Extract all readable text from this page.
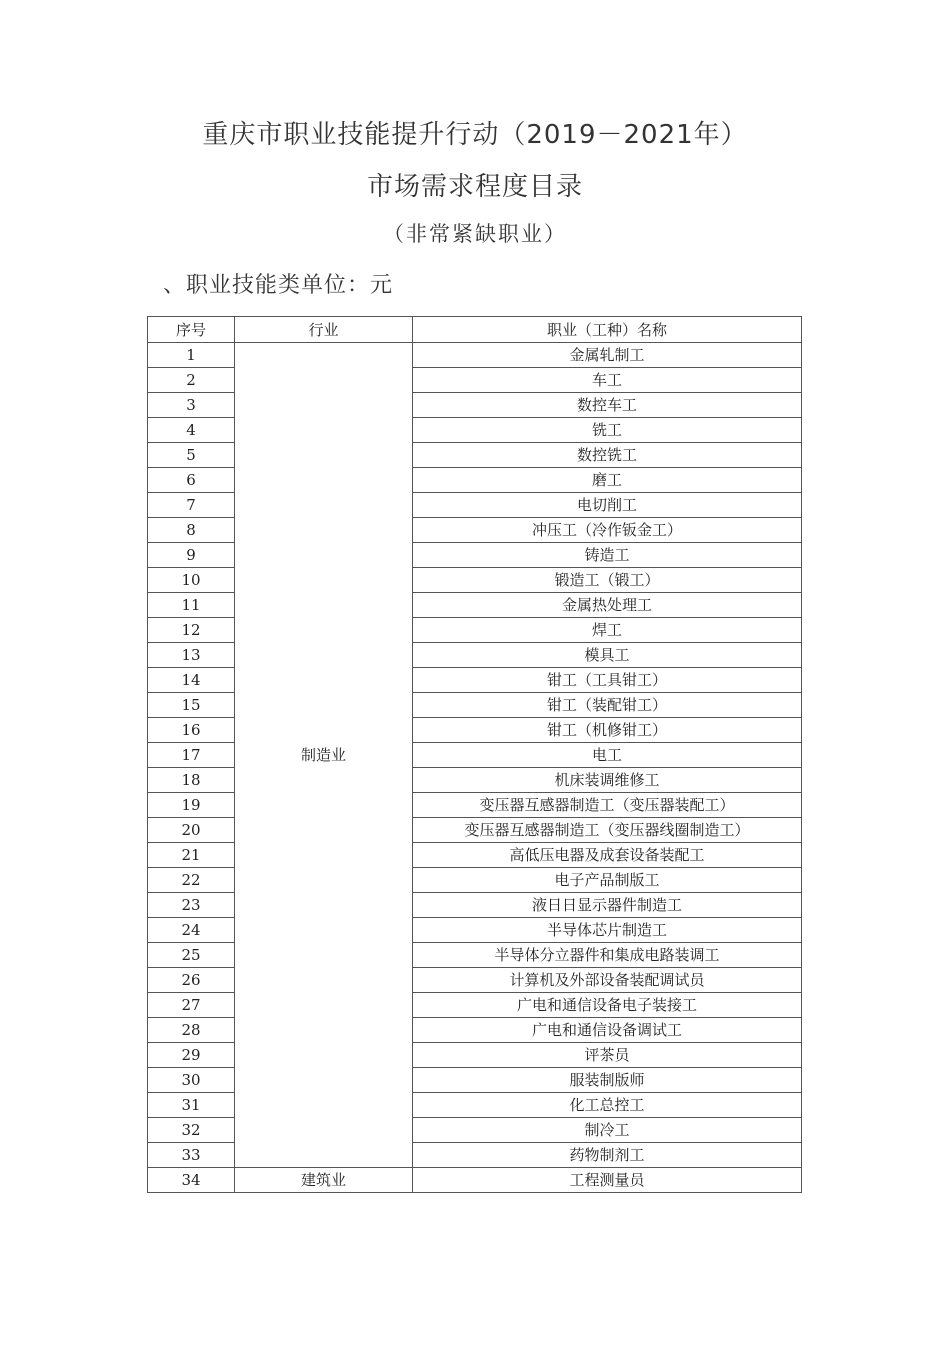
重庆市职业技能提升行动（2019－2021年）
市场需求程度目录
（非常紧缺职业）
、职业技能类单位：元
序号	行业	职业（工种）名称
1	制造业	金属轧制工
2		车工
3		数控车工
4		铣工
5		数控铣工
6		磨工
7		电切削工
8		冲压工（冷作钣金工）
9		铸造工
10		锻造工（锻工）
11		金属热处理工
12		焊工
13		模具工
14		钳工（工具钳工）
15		钳工（装配钳工）
16		钳工（机修钳工）
17		电工
18		机床装调维修工
19		变压器互感器制造工（变压器装配工）
20		变压器互感器制造工（变压器线圈制造工）
21		高低压电器及成套设备装配工
22		电子产品制版工
23		液日日显示器件制造工
24		半导体芯片制造工
25		半导体分立器件和集成电路装调工
26		计算机及外部设备装配调试员
27		广电和通信设备电子装接工
28		广电和通信设备调试工
29		评茶员
30		服装制版师
31		化工总控工
32		制冷工
33		药物制剂工
34	建筑业	工程测量员
